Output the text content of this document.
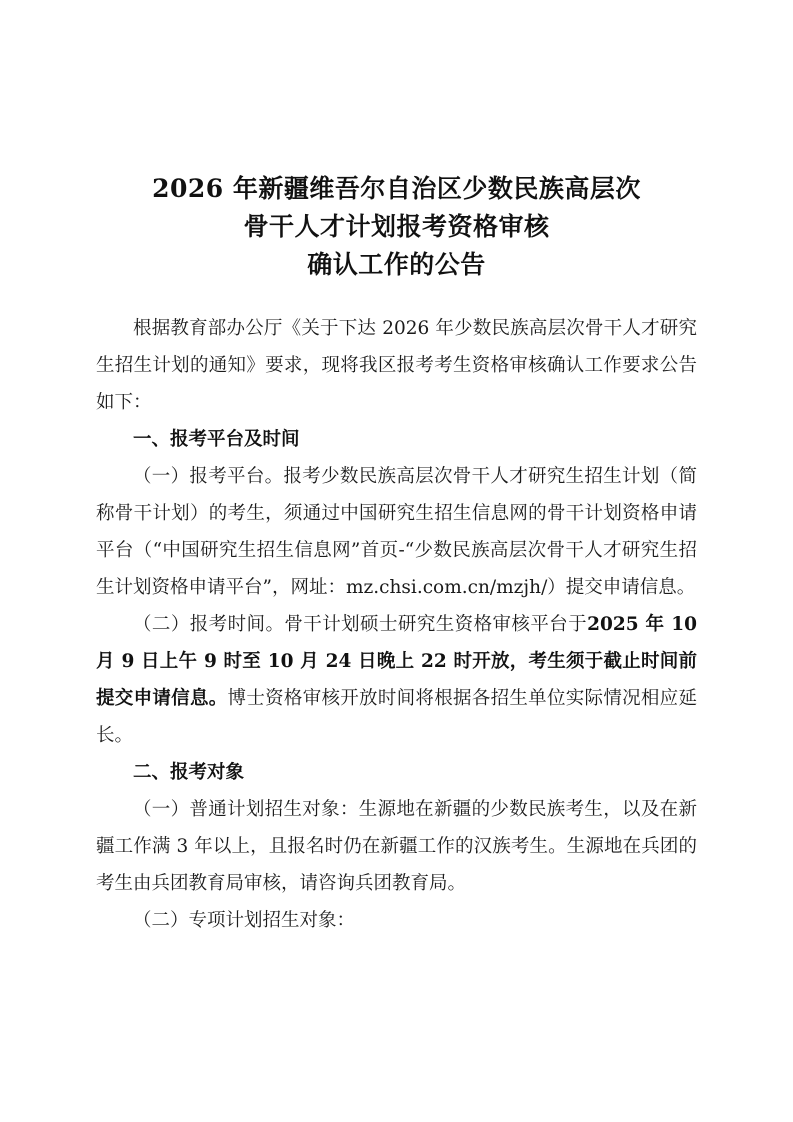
2026 年新疆维吾尔自治区少数民族高层次
骨干人才计划报考资格审核
确认工作的公告

根据教育部办公厅《关于下达 2026 年少数民族高层次骨干人才研究生招生计划的通知》要求，现将我区报考考生资格审核确认工作要求公告如下：

一、报考平台及时间

（一）报考平台。报考少数民族高层次骨干人才研究生招生计划（简称骨干计划）的考生，须通过中国研究生招生信息网的骨干计划资格申请平台（“中国研究生招生信息网”首页-“少数民族高层次骨干人才研究生招生计划资格申请平台”，网址：mz.chsi.com.cn/mzjh/）提交申请信息。

（二）报考时间。骨干计划硕士研究生资格审核平台于2025 年 10 月 9 日上午 9 时至 10 月 24 日晚上 22 时开放，考生须于截止时间前提交申请信息。博士资格审核开放时间将根据各招生单位实际情况相应延长。

二、报考对象

（一）普通计划招生对象：生源地在新疆的少数民族考生，以及在新疆工作满 3 年以上，且报名时仍在新疆工作的汉族考生。生源地在兵团的考生由兵团教育局审核，请咨询兵团教育局。

（二）专项计划招生对象：
